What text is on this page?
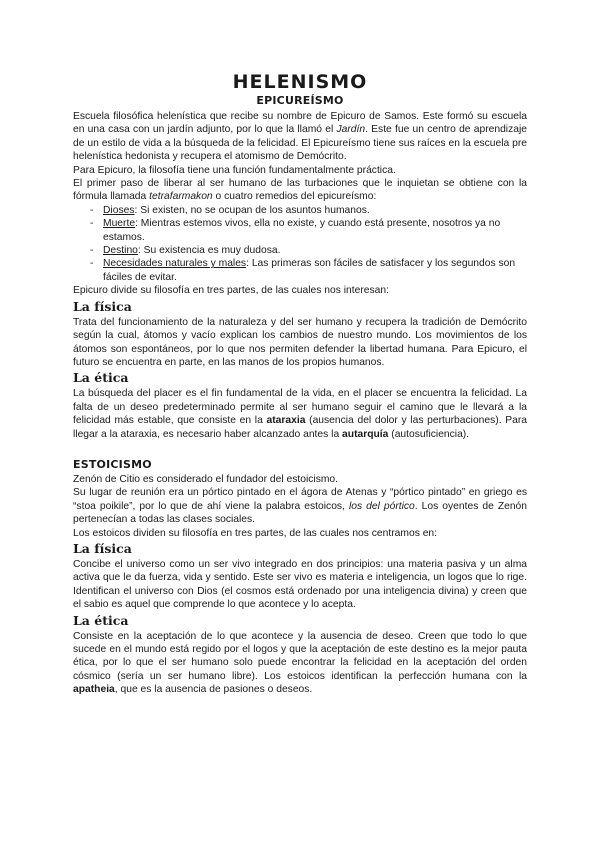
HELENISMO
EPICUREÍSMO

Escuela filosófica helenística que recibe su nombre de Epicuro de Samos. Este formó su escuela en una casa con un jardín adjunto, por lo que la llamó el Jardín. Este fue un centro de aprendizaje de un estilo de vida a la búsqueda de la felicidad. El Epicureísmo tiene sus raíces en la escuela pre helenística hedonista y recupera el atomismo de Demócrito.

Para Epicuro, la filosofía tiene una función fundamentalmente práctica.

El primer paso de liberar al ser humano de las turbaciones que le inquietan se obtiene con la fórmula llamada tetrafarmakon o cuatro remedios del epicureísmo:

- Dioses: Si existen, no se ocupan de los asuntos humanos.
- Muerte: Mientras estemos vivos, ella no existe, y cuando está presente, nosotros ya no estamos.
- Destino: Su existencia es muy dudosa.
- Necesidades naturales y males: Las primeras son fáciles de satisfacer y los segundos son fáciles de evitar.

Epicuro divide su filosofía en tres partes, de las cuales nos interesan:

La física

Trata del funcionamiento de la naturaleza y del ser humano y recupera la tradición de Demócrito según la cual, átomos y vacío explican los cambios de nuestro mundo. Los movimientos de los átomos son espontáneos, por lo que nos permiten defender la libertad humana. Para Epicuro, el futuro se encuentra en parte, en las manos de los propios humanos.

La ética

La búsqueda del placer es el fin fundamental de la vida, en el placer se encuentra la felicidad. La falta de un deseo predeterminado permite al ser humano seguir el camino que le llevará a la felicidad más estable, que consiste en la ataraxia (ausencia del dolor y las perturbaciones). Para llegar a la ataraxia, es necesario haber alcanzado antes la autarquía (autosuficiencia).

ESTOICISMO

Zenón de Citio es considerado el fundador del estoicismo.

Su lugar de reunión era un pórtico pintado en el ágora de Atenas y “pórtico pintado” en griego es “stoa poikile”, por lo que de ahí viene la palabra estoicos, los del pórtico. Los oyentes de Zenón pertenecían a todas las clases sociales.

Los estoicos dividen su filosofía en tres partes, de las cuales nos centramos en:

La física

Concibe el universo como un ser vivo integrado en dos principios: una materia pasiva y un alma activa que le da fuerza, vida y sentido. Este ser vivo es materia e inteligencia, un logos que lo rige. Identifican el universo con Dios (el cosmos está ordenado por una inteligencia divina) y creen que el sabio es aquel que comprende lo que acontece y lo acepta.

La ética

Consiste en la aceptación de lo que acontece y la ausencia de deseo. Creen que todo lo que sucede en el mundo está regido por el logos y que la aceptación de este destino es la mejor pauta ética, por lo que el ser humano solo puede encontrar la felicidad en la aceptación del orden cósmico (sería un ser humano libre). Los estoicos identifican la perfección humana con la apatheia, que es la ausencia de pasiones o deseos.
